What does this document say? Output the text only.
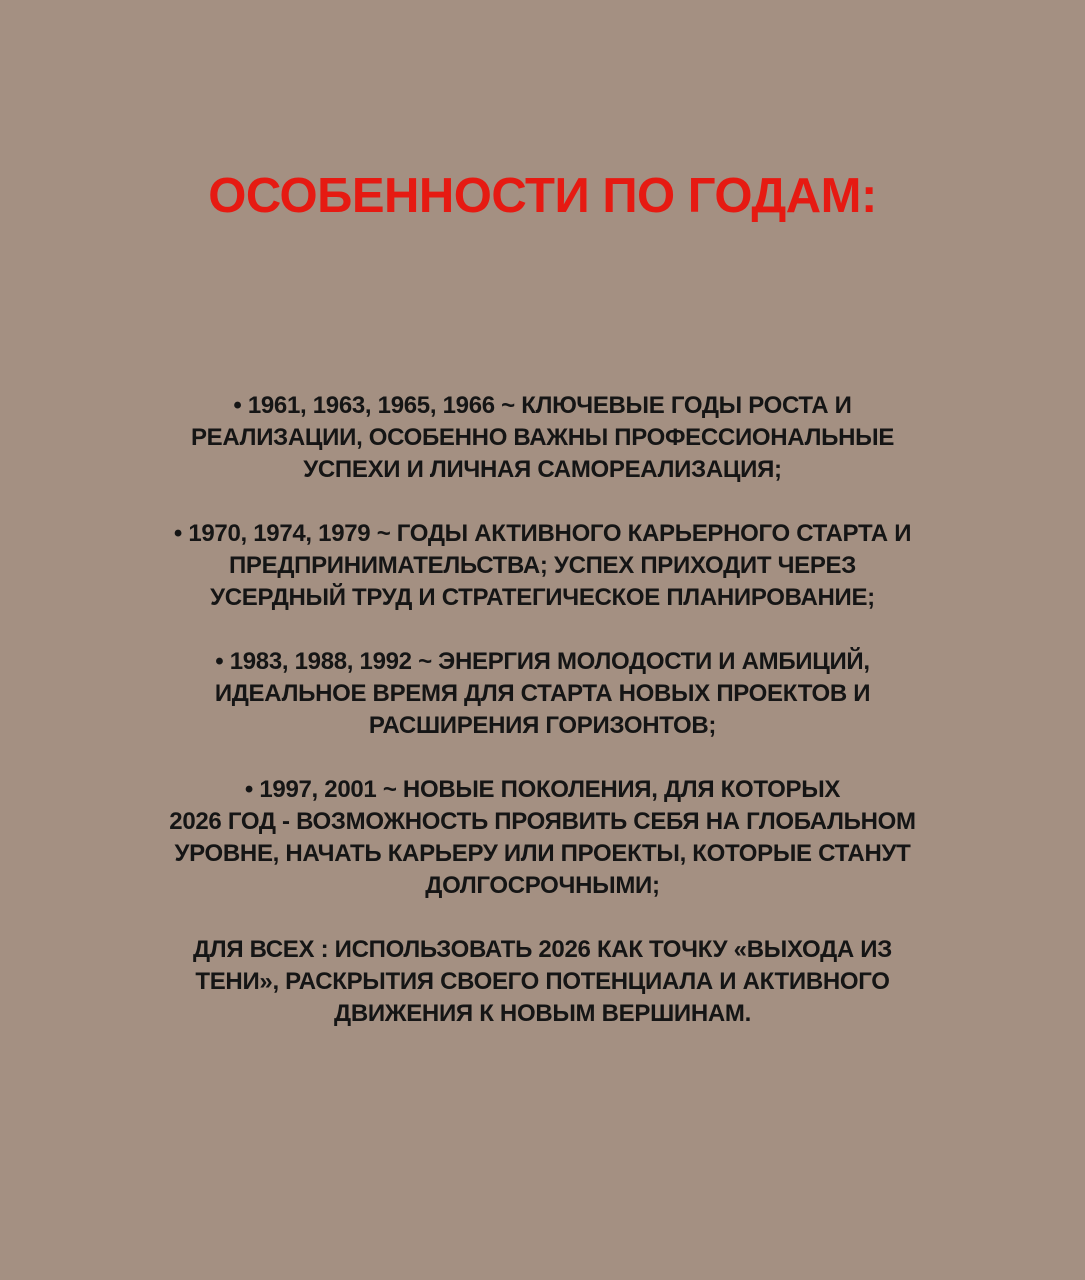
ОСОБЕННОСТИ ПО ГОДАМ:

• 1961, 1963, 1965, 1966 ~ КЛЮЧЕВЫЕ ГОДЫ РОСТА И
РЕАЛИЗАЦИИ, ОСОБЕННО ВАЖНЫ ПРОФЕССИОНАЛЬНЫЕ
УСПЕХИ И ЛИЧНАЯ САМОРЕАЛИЗАЦИЯ;

• 1970, 1974, 1979 ~ ГОДЫ АКТИВНОГО КАРЬЕРНОГО СТАРТА И
ПРЕДПРИНИМАТЕЛЬСТВА; УСПЕХ ПРИХОДИТ ЧЕРЕЗ
УСЕРДНЫЙ ТРУД И СТРАТЕГИЧЕСКОЕ ПЛАНИРОВАНИЕ;

• 1983, 1988, 1992 ~ ЭНЕРГИЯ МОЛОДОСТИ И АМБИЦИЙ,
ИДЕАЛЬНОЕ ВРЕМЯ ДЛЯ СТАРТА НОВЫХ ПРОЕКТОВ И
РАСШИРЕНИЯ ГОРИЗОНТОВ;

• 1997, 2001 ~ НОВЫЕ ПОКОЛЕНИЯ, ДЛЯ КОТОРЫХ
2026 ГОД - ВОЗМОЖНОСТЬ ПРОЯВИТЬ СЕБЯ НА ГЛОБАЛЬНОМ
УРОВНЕ, НАЧАТЬ КАРЬЕРУ ИЛИ ПРОЕКТЫ, КОТОРЫЕ СТАНУТ
ДОЛГОСРОЧНЫМИ;

ДЛЯ ВСЕХ : ИСПОЛЬЗОВАТЬ 2026 КАК ТОЧКУ «ВЫХОДА ИЗ
ТЕНИ», РАСКРЫТИЯ СВОЕГО ПОТЕНЦИАЛА И АКТИВНОГО
ДВИЖЕНИЯ К НОВЫМ ВЕРШИНАМ.
